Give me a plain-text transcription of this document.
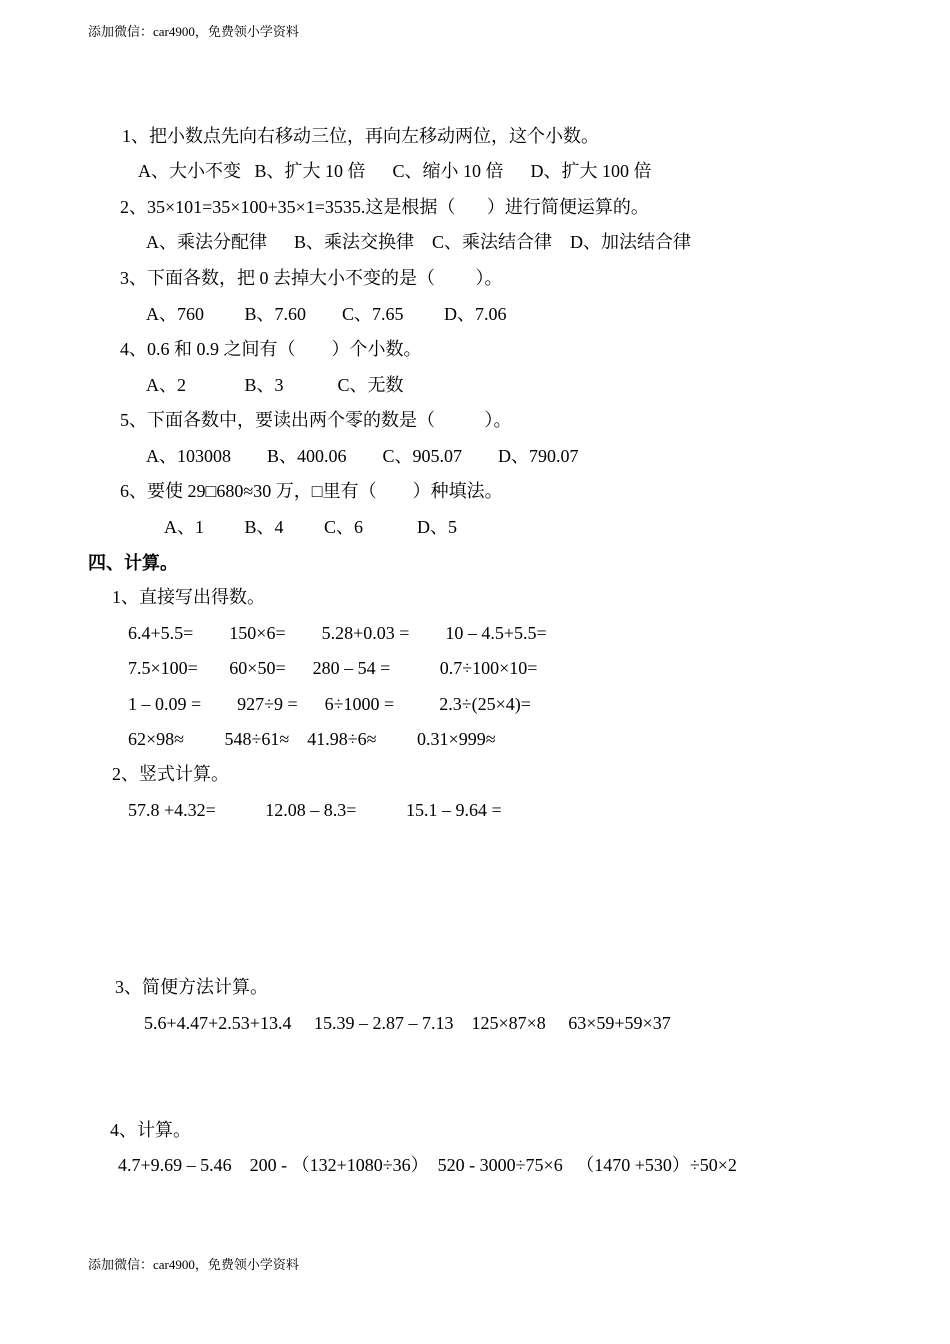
添加微信：car4900，免费领小学资料
1、把小数点先向右移动三位，再向左移动两位，这个小数。
A、大小不变   B、扩大 10 倍      C、缩小 10 倍      D、扩大 100 倍
2、35×101=35×100+35×1=3535.这是根据（       ）进行简便运算的。
A、乘法分配律      B、乘法交换律    C、乘法结合律    D、加法结合律
3、下面各数，把 0 去掉大小不变的是（         ）。
A、760         B、7.60        C、7.65         D、7.06
4、0.6 和 0.9 之间有（        ）个小数。
A、2             B、3            C、无数
5、下面各数中，要读出两个零的数是（           ）。
A、103008        B、400.06        C、905.07        D、790.07
6、要使 29□680≈30 万，□里有（        ）种填法。
A、1         B、4         C、6            D、5
四、计算。
1、直接写出得数。
6.4+5.5=        150×6=        5.28+0.03 =        10 – 4.5+5.5=
7.5×100=       60×50=      280 – 54 =           0.7÷100×10=
1 – 0.09 =        927÷9 =      6÷1000 =          2.3÷(25×4)=
62×98≈         548÷61≈    41.98÷6≈         0.31×999≈
2、竖式计算。
57.8 +4.32=           12.08 – 8.3=           15.1 – 9.64 =
3、简便方法计算。
5.6+4.47+2.53+13.4     15.39 – 2.87 – 7.13    125×87×8     63×59+59×37
4、计算。
4.7+9.69 – 5.46    200 - （132+1080÷36）  520 - 3000÷75×6   （1470 +530）÷50×2
添加微信：car4900，免费领小学资料
